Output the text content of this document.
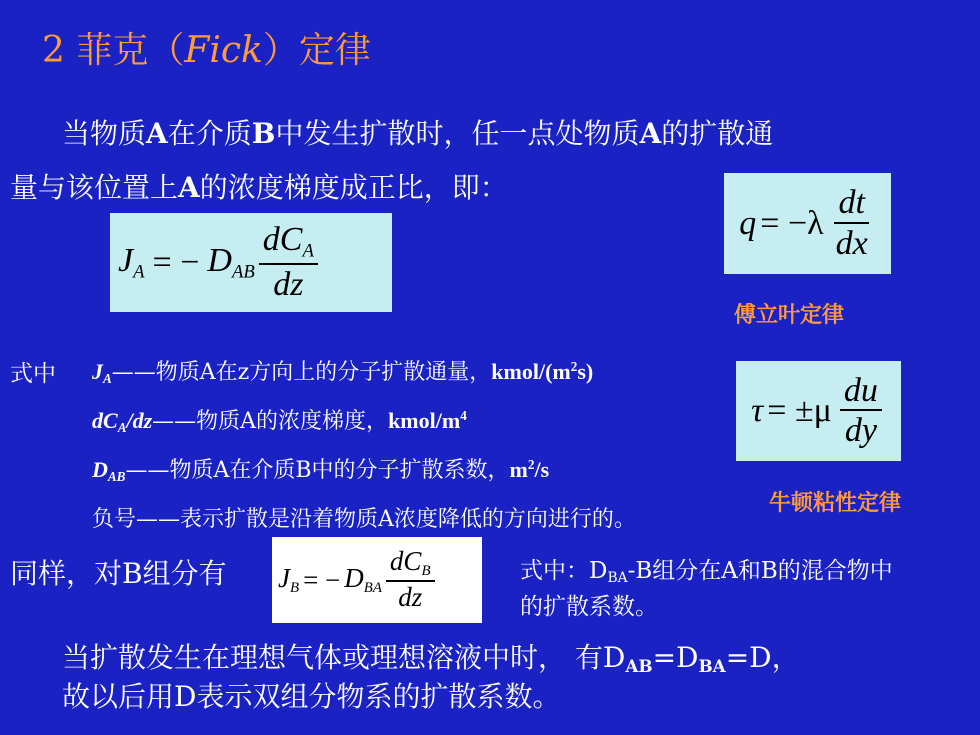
2 菲克（Fick）定律
当物质A在介质B中发生扩散时，任一点处物质A的扩散通
量与该位置上A的浓度梯度成正比，即：
$J_A$ = − $D_{AB} \frac{dC_A}{dz}$	$q = -\lambda \frac{dt}{dx}$
傅立叶定律
$\tau = \pm\mu \frac{du}{dy}$
牛顿粘性定律
式中 JA——物质A在z方向上的分子扩散通量，kmol/$(m^2s)$
dCA/dz——物质A的浓度梯度，kmol/$m^4$
DAB——物质A在介质B中的分子扩散系数，$m^2/s$
负号——表示扩散是沿着物质A浓度降低的方向进行的。
同样，对B组分有 $J_B$ = − $D_{BA} \frac{dC_B}{dz}$	式中：DBA-B组分在A和B的混合物中
的扩散系数。
当扩散发生在理想气体或理想溶液中时， 有DAB=DBA=D，
故以后用D表示双组分物系的扩散系数。
